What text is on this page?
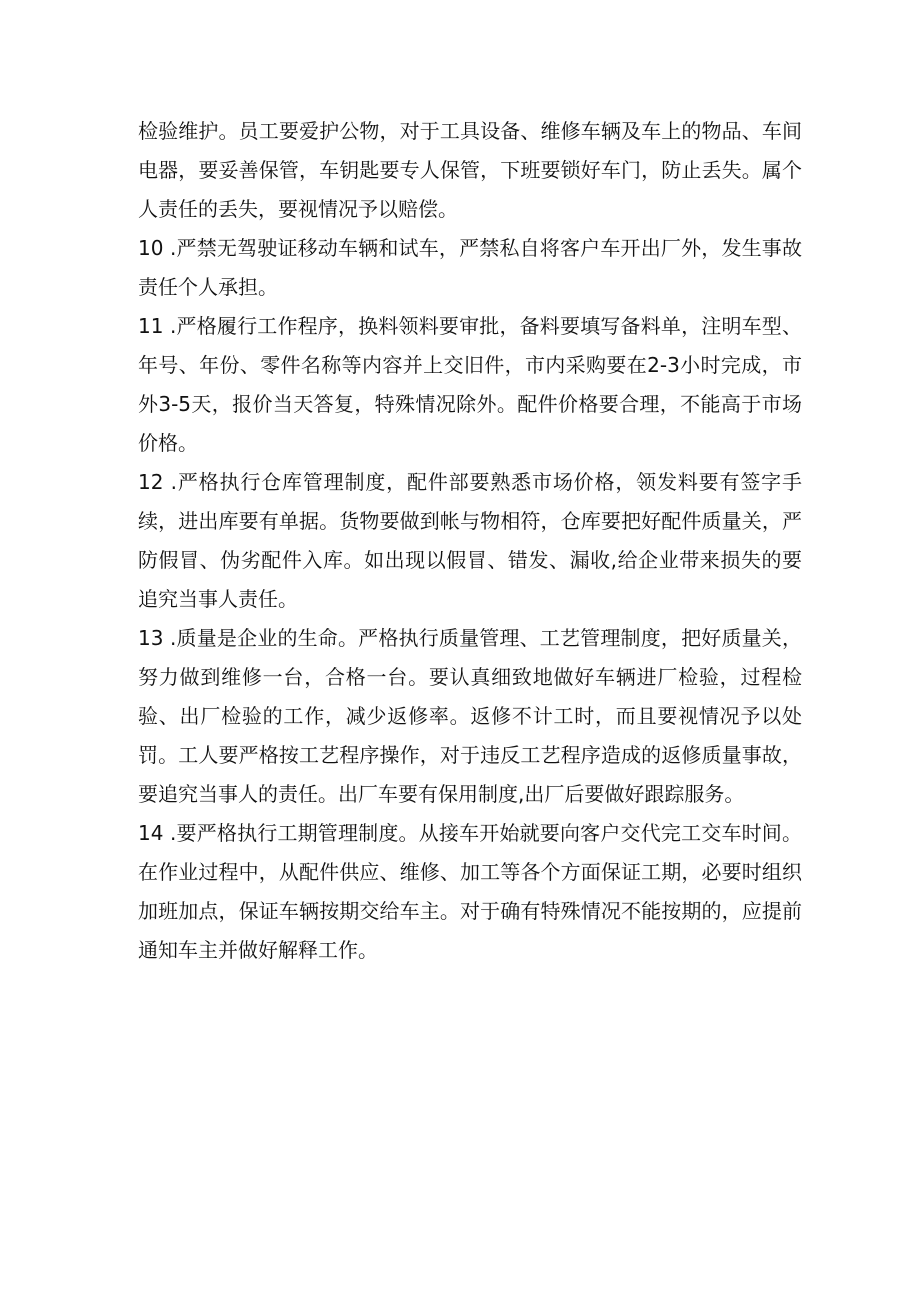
检验维护。员工要爱护公物，对于工具设备、维修车辆及车上的物品、车间电器，要妥善保管，车钥匙要专人保管，下班要锁好车门，防止丢失。属个人责任的丢失，要视情况予以赔偿。

10 .严禁无驾驶证移动车辆和试车，严禁私自将客户车开出厂外，发生事故责任个人承担。

11 .严格履行工作程序，换料领料要审批，备料要填写备料单，注明车型、年号、年份、零件名称等内容并上交旧件，市内采购要在2-3小时完成，市外3-5天，报价当天答复，特殊情况除外。配件价格要合理，不能高于市场价格。

12 .严格执行仓库管理制度，配件部要熟悉市场价格，领发料要有签字手续，进出库要有单据。货物要做到帐与物相符，仓库要把好配件质量关，严防假冒、伪劣配件入库。如出现以假冒、错发、漏收,给企业带来损失的要追究当事人责任。

13 .质量是企业的生命。严格执行质量管理、工艺管理制度，把好质量关，努力做到维修一台，合格一台。要认真细致地做好车辆进厂检验，过程检验、出厂检验的工作，减少返修率。返修不计工时，而且要视情况予以处罚。工人要严格按工艺程序操作，对于违反工艺程序造成的返修质量事故，要追究当事人的责任。出厂车要有保用制度,出厂后要做好跟踪服务。

14 .要严格执行工期管理制度。从接车开始就要向客户交代完工交车时间。在作业过程中，从配件供应、维修、加工等各个方面保证工期，必要时组织加班加点，保证车辆按期交给车主。对于确有特殊情况不能按期的，应提前通知车主并做好解释工作。
